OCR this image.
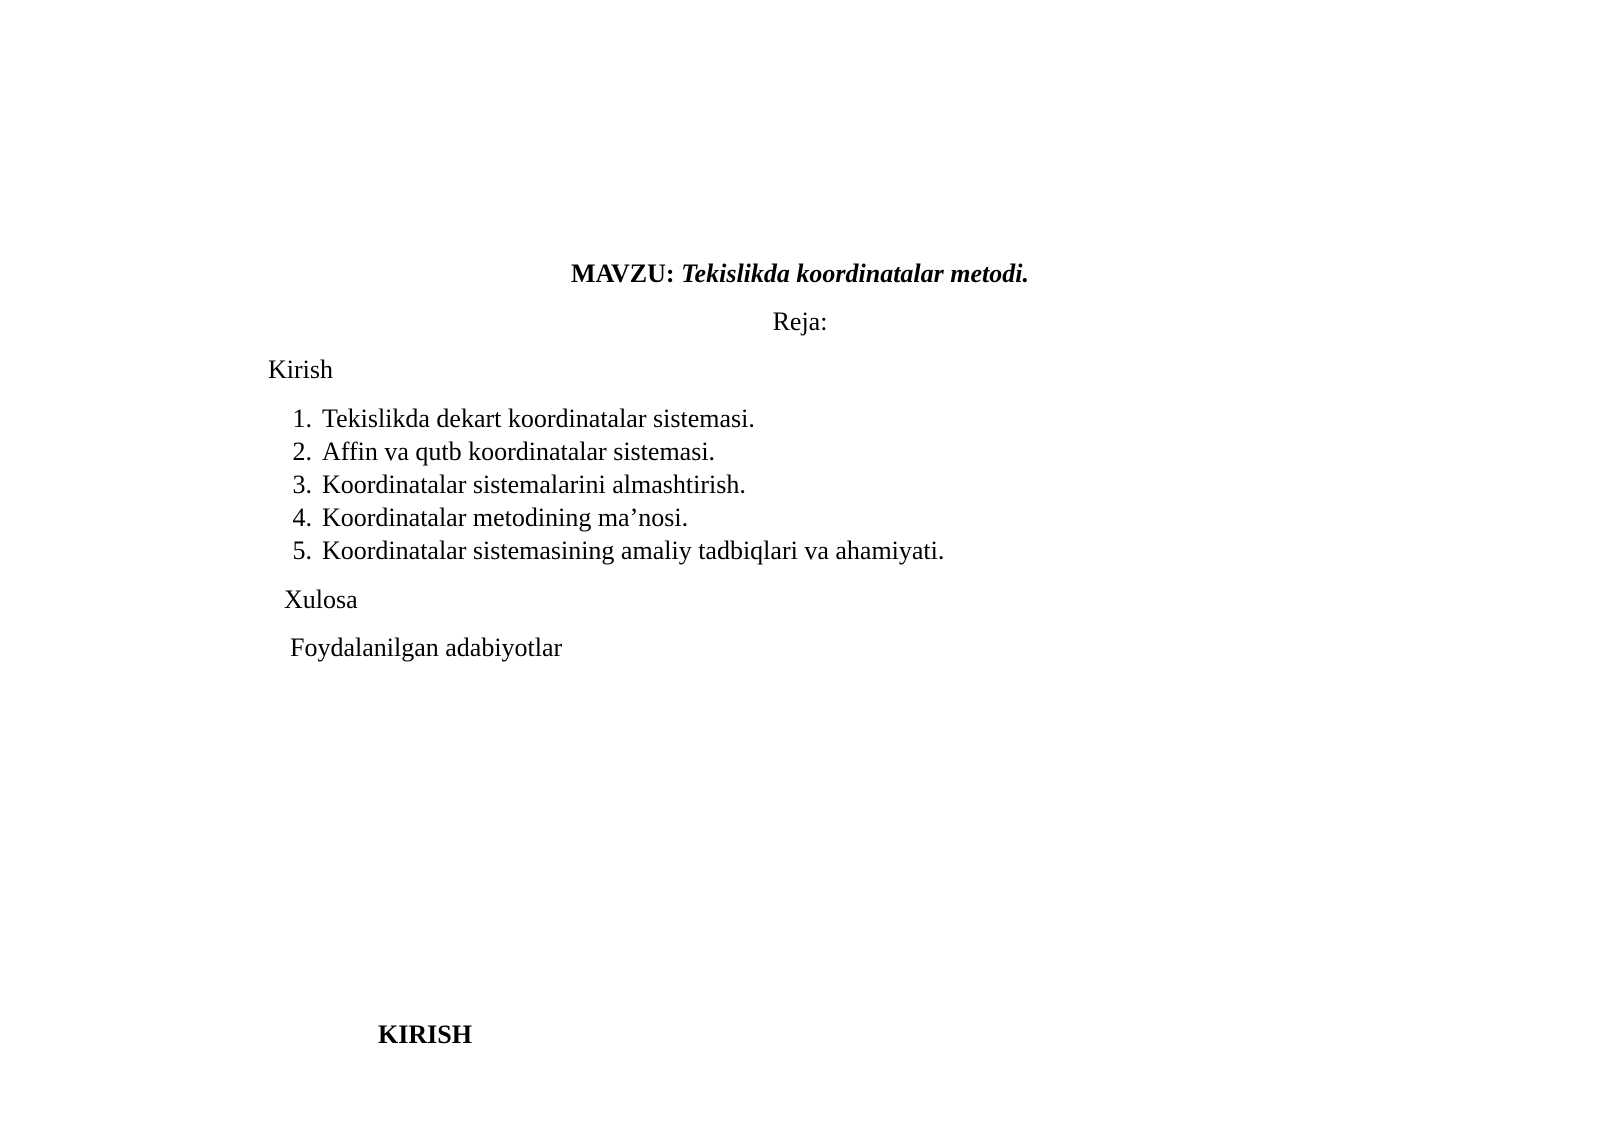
MAVZU: Tekislikda koordinatalar metodi.
Reja:
Kirish
1. Tekislikda dekart koordinatalar sistemasi.
2. Affin va qutb koordinatalar sistemasi.
3. Koordinatalar sistemalarini almashtirish.
4. Koordinatalar metodining ma’nosi.
5. Koordinatalar sistemasining amaliy tadbiqlari va ahamiyati.
Xulosa
Foydalanilgan adabiyotlar
KIRISH
